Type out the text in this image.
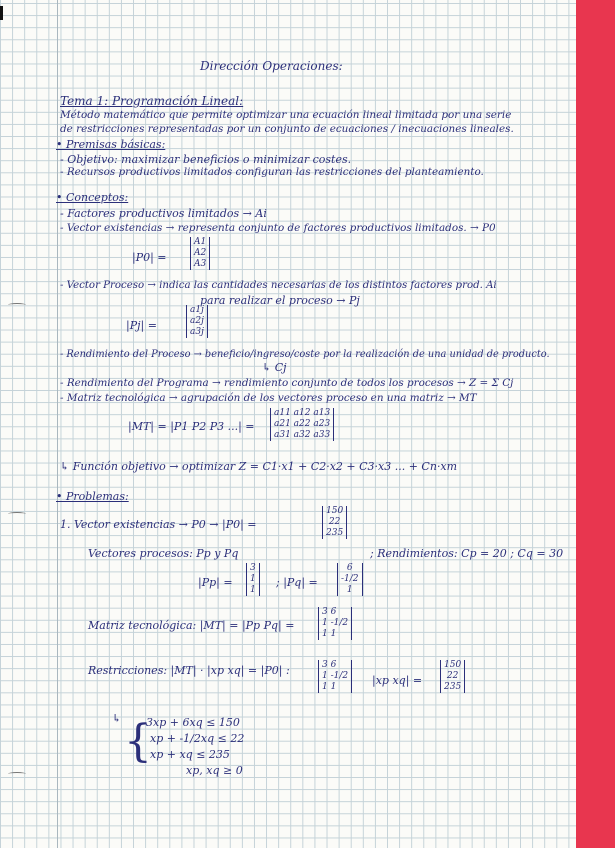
Dirección Operaciones:
Tema 1: Programación Lineal:
Método matemático que permite optimizar una ecuación lineal limitada por una serie
de restricciones representadas por un conjunto de ecuaciones / inecuaciones lineales.
• Premisas básicas:
- Objetivo: maximizar beneficios o minimizar costes.
- Recursos productivos limitados configuran las restricciones del planteamiento.
• Conceptos:
- Factores productivos limitados → Ai
- Vector existencias → representa conjunto de factores productivos limitados. → P0
|P0| =
A1
A2
A3
- Vector Proceso → indica las cantidades necesarias de los distintos factores prod. Ai
para realizar el proceso → Pj
|Pj| =
a1j
a2j
a3j
- Rendimiento del Proceso → beneficio/ingreso/coste por la realización de una unidad de producto.
↳ Cj
- Rendimiento del Programa → rendimiento conjunto de todos los procesos → Z = Σ Cj
- Matriz tecnológica → agrupación de los vectores proceso en una matriz → MT
|MT| = |P1 P2 P3 ...| =
a11 a12 a13
a21 a22 a23
a31 a32 a33
↳ Función objetivo → optimizar Z = C1·x1 + C2·x2 + C3·x3 ... + Cn·xm
• Problemas:
1. Vector existencias → P0 → |P0| =
150
22
235
Vectores procesos: Pp y Pq	; Rendimientos: Cp = 20 ; Cq = 30
|Pp| =
3
1
1
; |Pq| =
6
-1/2
1
Matriz tecnológica: |MT| = |Pp Pq| =
3 6
1 -1/2
1 1
Restricciones: |MT| · |xp xq| = |P0| :	3 6
1 -1/2
1 1	|xp xq| =
150
22
235
↳ {
3xp + 6xq ≤ 150
xp + -1/2xq ≤ 22
xp + xq ≤ 235
xp, xq ≥ 0
